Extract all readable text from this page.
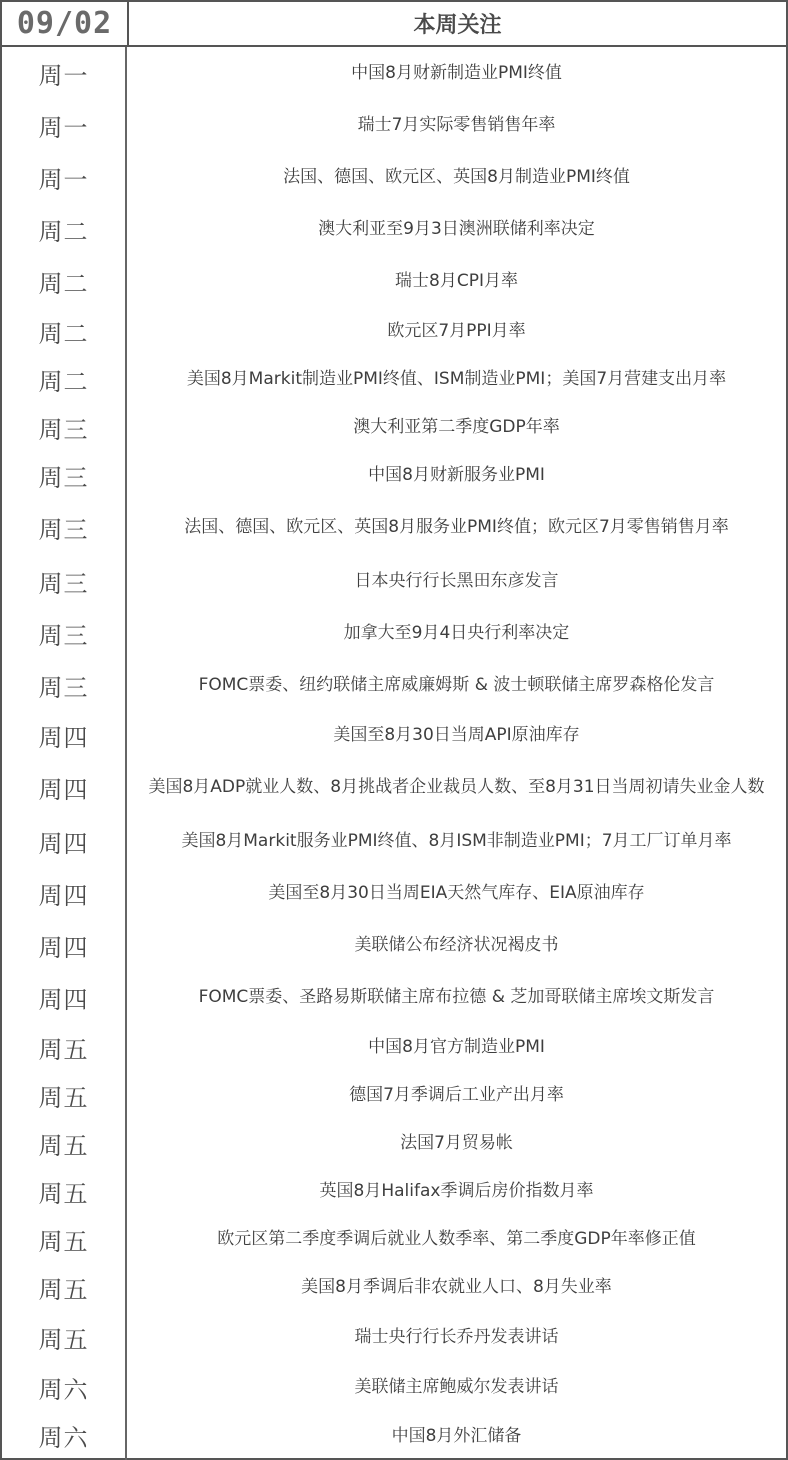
09/02	本周关注
周一	中国8月财新制造业PMI终值
周一	瑞士7月实际零售销售年率
周一	法国、德国、欧元区、英国8月制造业PMI终值
周二	澳大利亚至9月3日澳洲联储利率决定
周二	瑞士8月CPI月率
周二	欧元区7月PPI月率
周二	美国8月Markit制造业PMI终值、ISM制造业PMI；美国7月营建支出月率
周三	澳大利亚第二季度GDP年率
周三	中国8月财新服务业PMI
周三	法国、德国、欧元区、英国8月服务业PMI终值；欧元区7月零售销售月率
周三	日本央行行长黑田东彦发言
周三	加拿大至9月4日央行利率决定
周三	FOMC票委、纽约联储主席威廉姆斯 & 波士顿联储主席罗森格伦发言
周四	美国至8月30日当周API原油库存
周四	美国8月ADP就业人数、8月挑战者企业裁员人数、至8月31日当周初请失业金人数
周四	美国8月Markit服务业PMI终值、8月ISM非制造业PMI；7月工厂订单月率
周四	美国至8月30日当周EIA天然气库存、EIA原油库存
周四	美联储公布经济状况褐皮书
周四	FOMC票委、圣路易斯联储主席布拉德 & 芝加哥联储主席埃文斯发言
周五	中国8月官方制造业PMI
周五	德国7月季调后工业产出月率
周五	法国7月贸易帐
周五	英国8月Halifax季调后房价指数月率
周五	欧元区第二季度季调后就业人数季率、第二季度GDP年率修正值
周五	美国8月季调后非农就业人口、8月失业率
周五	瑞士央行行长乔丹发表讲话
周六	美联储主席鲍威尔发表讲话
周六	中国8月外汇储备
